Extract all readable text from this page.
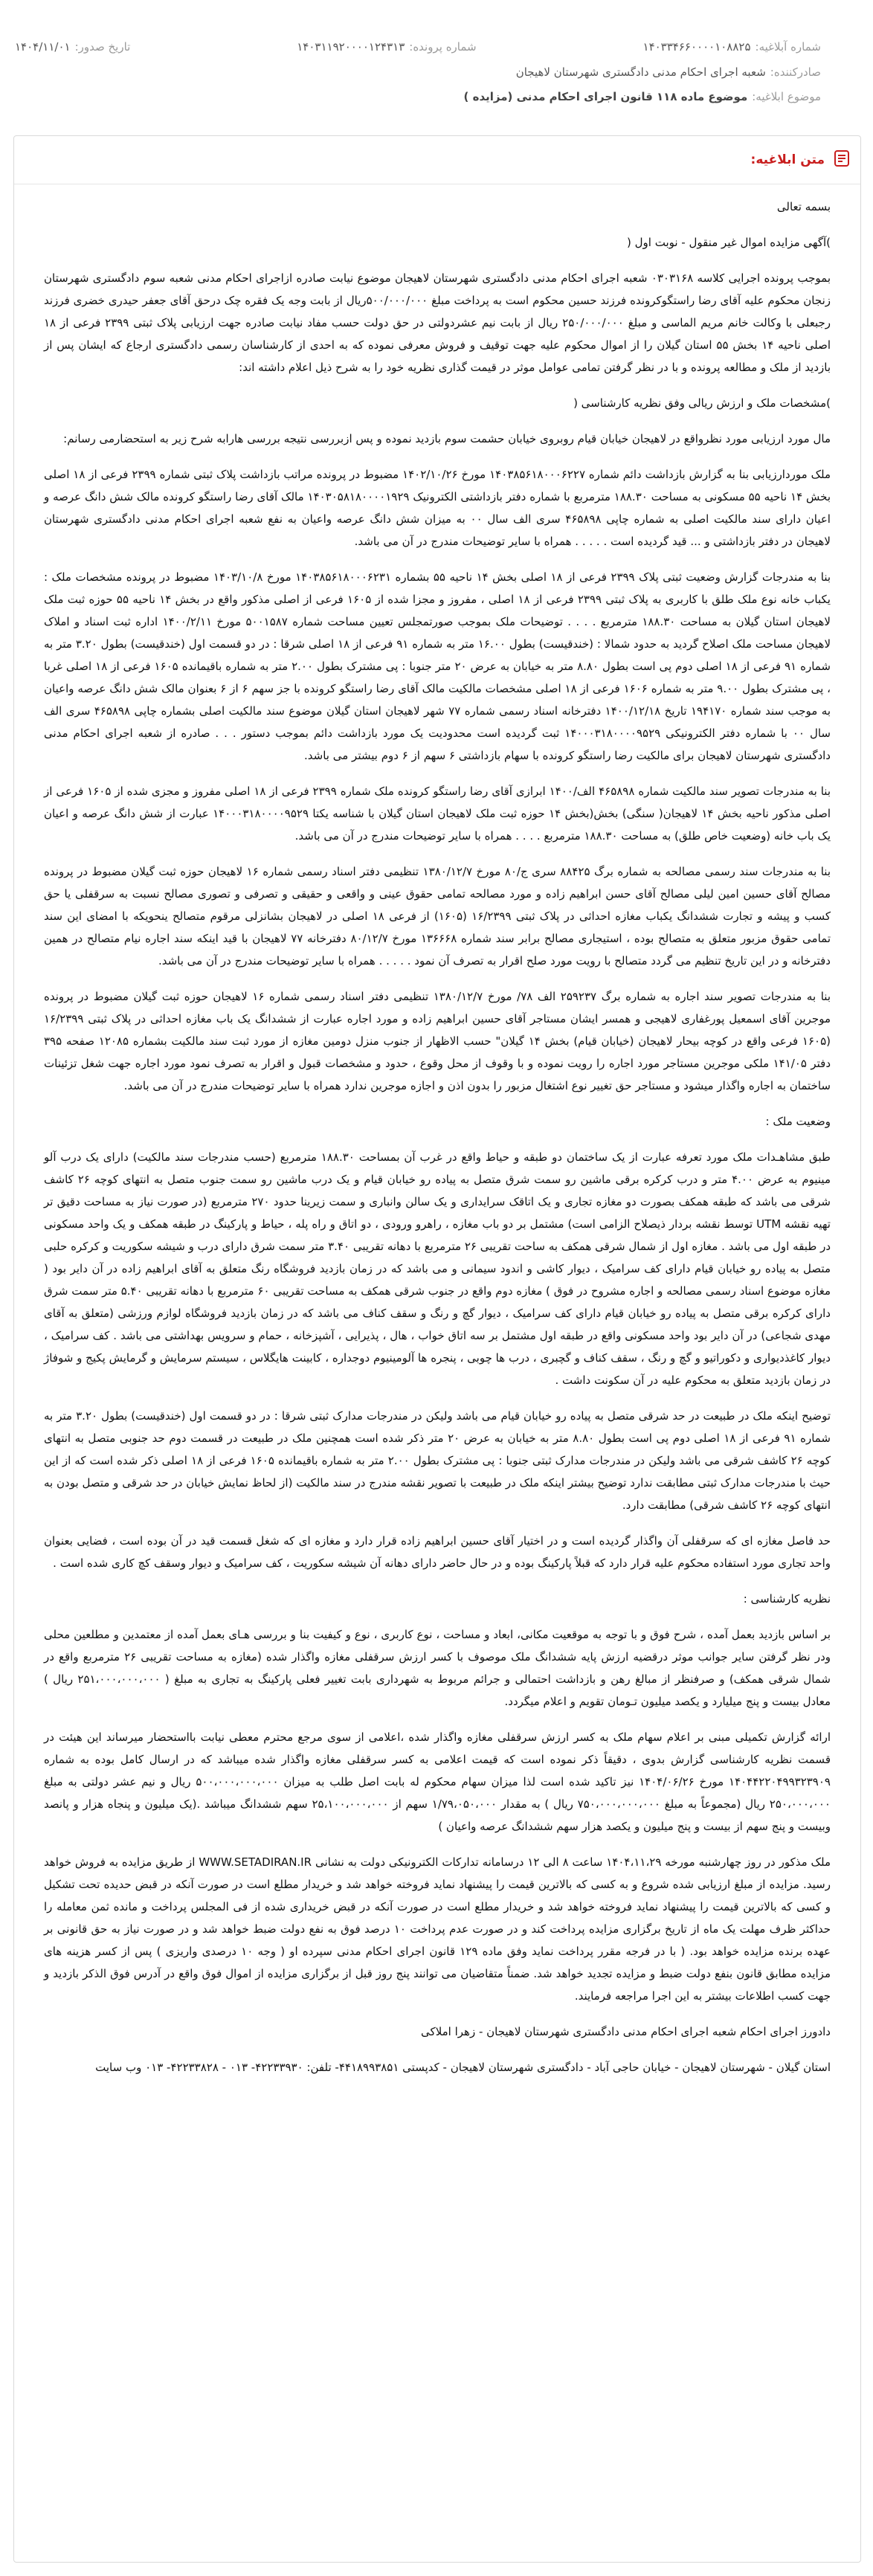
شماره آبلاغیه:
۱۴۰۳۳۴۶۶۰۰۰۰۱۰۸۸۲۵
شماره پرونده:
۱۴۰۳۱۱۹۲۰۰۰۰۱۲۴۳۱۳
تاریخ صدور:
۱۴۰۴/۱۱/۰۱
صادرکننده:
شعبه اجرای احکام مدنی دادگستری شهرستان لاهیجان
موضوع ابلاغیه:
موضوع ماده ۱۱۸ قانون اجرای احکام مدنی (مزایده )
متن ابلاغیه:

بسمه تعالی

)آگهی مزایده اموال غیر منقول - نوبت اول (

بموجب پرونده اجرایی کلاسه ۰۳۰۳۱۶۸ شعبه اجرای احکام مدنی دادگستری شهرستان لاهیجان موضوع نیابت صادره ازاجرای احکام مدنی شعبه سوم دادگستری شهرستان زنجان محکوم علیه آقای رضا راستگوکرونده فرزند حسین محکوم است به پرداخت مبلغ ۵۰۰/۰۰۰/۰۰۰ریال از بابت وجه یک فقره چک درحق آقای جعفر حیدری خضری فرزند رجبعلی با وکالت خانم مریم الماسی و مبلغ ۲۵۰/۰۰۰/۰۰۰ ریال از بابت نیم عشردولتی در حق دولت حسب مفاد نیابت صادره جهت ارزیابی پلاک ثبتی ۲۳۹۹ فرعی از ۱۸ اصلی ناحیه ۱۴ بخش ۵۵ استان گیلان را از اموال محکوم علیه جهت توقیف و فروش معرفی نموده که به احدی از کارشناسان رسمی دادگستری ارجاع که ایشان پس از بازدید از ملک و مطالعه پرونده و با در نظر گرفتن تمامی عوامل موثر در قیمت گذاری نظریه خود را به شرح ذیل اعلام داشته اند:

)مشخصات ملک و ارزش ریالی وفق نظریه کارشناسی (

مال مورد ارزیابی مورد نظرواقع در لاهیجان خیابان قیام روبروی خیابان حشمت سوم بازدید نموده و پس ازبررسی نتیجه بررسی هارابه شرح زیر به استحضارمی رسانم:

ملک موردارزیابی بنا به گزارش بازداشت دائم شماره ۱۴۰۳۸۵۶۱۸۰۰۰۶۲۲۷ مورخ ۱۴۰۲/۱۰/۲۶ مضبوط در پرونده مراتب بازداشت پلاک ثبتی شماره ۲۳۹۹ فرعی از ۱۸ اصلی بخش ۱۴ ناحیه ۵۵ مسکونی به مساحت ۱۸۸.۳۰ مترمربع با شماره دفتر بازداشتی الکترونیک ۱۴۰۳۰۵۸۱۸۰۰۰۰۱۹۲۹ مالک آقای رضا راستگو کرونده مالک شش دانگ عرصه و اعیان دارای سند مالکیت اصلی به شماره چاپی ۴۶۵۸۹۸ سری الف سال ۰۰ به میزان شش دانگ عرصه واعیان به نفع شعبه اجرای احکام مدنی دادگستری شهرستان لاهیجان در دفتر بازداشتی و ... قید گردیده است . . . . . همراه با سایر توضیحات مندرج در آن می باشد.

بنا به مندرجات گزارش وضعیت ثبتی پلاک ۲۳۹۹ فرعی از ۱۸ اصلی بخش ۱۴ ناحیه ۵۵ بشماره ۱۴۰۳۸۵۶۱۸۰۰۰۶۲۳۱ مورخ ۱۴۰۳/۱۰/۸ مضبوط در پرونده مشخصات ملک : یکباب خانه نوع ملک طلق با کاربری به پلاک ثبتی ۲۳۹۹ فرعی از ۱۸ اصلی ، مفروز و مجزا شده از ۱۶۰۵ فرعی از اصلی مذکور واقع در بخش ۱۴ ناحیه ۵۵ حوزه ثبت ملک لاهیجان استان گیلان به مساحت ۱۸۸.۳۰ مترمربع . . . . توضیحات ملک بموجب صورتمجلس تعیین مساحت شماره ۵۰۰۱۵۸۷ مورخ ۱۴۰۰/۲/۱۱ اداره ثبت اسناد و املاک لاهیجان مساحت ملک اصلاح گردید به حدود شمالا : (خندقیست) بطول ۱۶.۰۰ متر به شماره ۹۱ فرعی از ۱۸ اصلی شرقا : در دو قسمت اول (خندقیست) بطول ۳.۲۰ متر به شماره ۹۱ فرعی از ۱۸ اصلی دوم پی است بطول ۸.۸۰ متر به خیابان به عرض ۲۰ متر جنوبا : پی مشترک بطول ۲.۰۰ متر به شماره باقیمانده ۱۶۰۵ فرعی از ۱۸ اصلی غربا ، پی مشترک بطول ۹.۰۰ متر به شماره ۱۶۰۶ فرعی از ۱۸ اصلی مشخصات مالکیت مالک آقای رضا راستگو کرونده با جز سهم ۶ از ۶ بعنوان مالک شش دانگ عرصه واعیان به موجب سند شماره ۱۹۴۱۷۰ تاریخ ۱۴۰۰/۱۲/۱۸ دفترخانه اسناد رسمی شماره ۷۷ شهر لاهیجان استان گیلان موضوع سند مالکیت اصلی بشماره چاپی ۴۶۵۸۹۸ سری الف سال ۰۰ با شماره دفتر الکترونیکی ۱۴۰۰۰۳۱۸۰۰۰۰۹۵۲۹ ثبت گردیده است محدودیت یک مورد بازداشت دائم بموجب دستور . . . صادره از شعبه اجرای احکام مدنی دادگستری شهرستان لاهیجان برای مالکیت رضا راستگو کرونده با سهام بازداشتی ۶ سهم از ۶ دوم بیشتر می باشد.

بنا به مندرجات تصویر سند مالکیت شماره ۴۶۵۸۹۸ الف/۱۴۰۰ ابرازی آقای رضا راستگو کرونده ملک شماره ۲۳۹۹ فرعی از ۱۸ اصلی مفروز و مجزی شده از ۱۶۰۵ فرعی از اصلی مذکور ناحیه بخش ۱۴ لاهیجان( سنگی) بخش(بخش ۱۴ حوزه ثبت ملک لاهیجان استان گیلان با شناسه یکتا ۱۴۰۰۰۳۱۸۰۰۰۰۹۵۲۹ عبارت از شش دانگ عرصه و اعیان یک باب خانه (وضعیت خاص طلق) به مساحت ۱۸۸.۳۰ مترمربع . . . . همراه با سایر توضیحات مندرج در آن می باشد.

بنا به مندرجات سند رسمی مصالحه به شماره برگ ۸۸۴۲۵ سری ج/۸۰ مورخ ۱۳۸۰/۱۲/۷ تنظیمی دفتر اسناد رسمی شماره ۱۶ لاهیجان حوزه ثبت گیلان مضبوط در پرونده مصالح آقای حسین امین لیلی مصالح آقای حسن ابراهیم زاده و مورد مصالحه تمامی حقوق عینی و واقعی و حقیقی و تصرفی و تصوری مصالح نسبت به سرقفلی یا حق کسب و پیشه و تجارت ششدانگ یکباب مغازه احداثی در پلاک ثبتی ۱۶/۲۳۹۹ (۱۶۰۵) از فرعی ۱۸ اصلی در لاهیجان بشانزلی مرقوم متصالح ینحویکه با امضای این سند تمامی حقوق مزبور متعلق به متصالح بوده ، استیجاری مصالح برابر سند شماره ۱۳۶۶۶۸ مورخ ۸۰/۱۲/۷ دفترخانه ۷۷ لاهیجان با قید اینکه سند اجاره نیام متصالح در همین دفترخانه و در این تاریخ تنظیم می گردد متصالح با رویت مورد صلح اقرار به تصرف آن نمود . . . . . همراه با سایر توضیحات مندرج در آن می باشد.

بنا به مندرجات تصویر سند اجاره به شماره برگ ۲۵۹۲۳۷ الف ۷۸/ مورخ ۱۳۸۰/۱۲/۷ تنظیمی دفتر اسناد رسمی شماره ۱۶ لاهیجان حوزه ثبت گیلان مضبوط در پرونده موجرین آقای اسمعیل پورغفاری لاهیجی و همسر ایشان مستاجر آقای حسین ابراهیم زاده و مورد اجاره عبارت از ششدانگ یک باب مغازه احداثی در پلاک ثبتی ۱۶/۲۳۹۹ (۱۶۰۵ فرعی واقع در کوچه بیحار لاهیجان (خیابان قیام) بخش ۱۴ گیلان" حسب الاظهار از جنوب منزل دومین مغازه از مورد ثبت سند مالکیت بشماره ۱۲۰۸۵ صفحه ۳۹۵ دفتر ۱۴۱/۰۵ ملکی موجرین مستاجر مورد اجاره را رویت نموده و با وقوف از محل وقوع ، حدود و مشخصات قبول و اقرار به تصرف نمود مورد اجاره جهت شغل تزئینات ساختمان به اجاره واگذار میشود و مستاجر حق تغییر نوع اشتغال مزبور را بدون اذن و اجازه موجرین ندارد همراه با سایر توضیحات مندرج در آن می باشد.

وضعیت ملک :

طبق مشاهـدات ملک مورد تعرفه عبارت از یک ساختمان دو طبقه و حیاط واقع در غرب آن بمساحت ۱۸۸.۳۰ مترمربع (حسب مندرجات سند مالکیت) دارای یک درب آلو مینیوم به عرض ۴.۰۰ متر و درب کرکره برقی ماشین رو سمت شرق متصل به پیاده رو خیابان قیام و یک درب ماشین رو سمت جنوب متصل به انتهای کوچه ۲۶ کاشف شرقی می باشد که طبقه همکف بصورت دو مغازه تجاری و یک اتاقک سرایداری و یک سالن وانباری و سمت زیرینا حدود ۲۷۰ مترمربع (در صورت نیاز به مساحت دقیق تر تهیه نقشه UTM توسط نقشه بردار ذیصلاح الزامی است) مشتمل بر دو باب مغازه ، راهرو ورودی ، دو اتاق و راه پله ، حیاط و پارکینگ در طبقه همکف و یک واحد مسکونی در طبقه اول می باشد . مغازه اول از شمال شرقی همکف به ساحت تقریبی ۲۶ مترمربع با دهانه تقریبی ۳.۴۰ متر سمت شرق دارای درب و شیشه سکوریت و کرکره حلبی متصل به پیاده رو خیابان قیام دارای کف سرامیک ، دیوار کاشی و اندود سیمانی و می باشد که در زمان بازدید فروشگاه رنگ متعلق به آقای ابراهیم زاده در آن دایر بود ( مغازه موضوع اسناد رسمی مصالحه و اجاره مشروح در فوق ) مغازه دوم واقع در جنوب شرقی همکف به مساحت تقریبی ۶۰ مترمربع با دهانه تقریبی ۵.۴۰ متر سمت شرق دارای کرکره برقی متصل به پیاده رو خیابان قیام دارای کف سرامیک ، دیوار گچ و رنگ و سقف کناف می باشد که در زمان بازدید فروشگاه لوازم ورزشی (متعلق به آقای مهدی شجاعی) در آن دایر بود واحد مسکونی واقع در طبقه اول مشتمل بر سه اتاق خواب ، هال ، پذیرایی ، آشپزخانه ، حمام و سرویس بهداشتی می باشد . کف سرامیک ، دیوار کاغذدیواری و دکوراتیو و گچ و رنگ ، سقف کناف و گچبری ، درب ها چوبی ، پنجره ها آلومینیوم دوجداره ، کابینت هایگلاس ، سیستم سرمایش و گرمایش پکیج و شوفاژ در زمان بازدید متعلق به محکوم علیه در آن سکونت داشت .

توضیح اینکه ملک در طبیعت در حد شرقی متصل به پیاده رو خیابان قیام می باشد ولیکن در مندرجات مدارک ثبتی شرقا : در دو قسمت اول (خندقیست) بطول ۳.۲۰ متر به شماره ۹۱ فرعی از ۱۸ اصلی دوم پی است بطول ۸.۸۰ متر به خیابان به عرض ۲۰ متر ذکر شده است همچنین ملک در طبیعت در قسمت دوم حد جنوبی متصل به انتهای کوچه ۲۶ کاشف شرقی می باشد ولیکن در مندرجات مدارک ثبتی جنوبا : پی مشترک بطول ۲.۰۰ متر به شماره باقیمانده ۱۶۰۵ فرعی از ۱۸ اصلی ذکر شده است که از این حیث با مندرجات مدارک ثبتی مطابقت ندارد توضیح بیشتر اینکه ملک در طبیعت با تصویر نقشه مندرج در سند مالکیت (از لحاظ نمایش خیابان در حد شرقی و متصل بودن به انتهای کوچه ۲۶ کاشف شرقی) مطابقت دارد.

حد فاصل مغازه ای که سرقفلی آن واگذار گردیده است و در اختیار آقای حسین ابراهیم زاده قرار دارد و مغازه ای که شغل قسمت قید در آن بوده است ، فضایی بعنوان واحد تجاری مورد استفاده محکوم علیه قرار دارد که قبلاً پارکینگ بوده و در حال حاضر دارای دهانه آن شیشه سکوریت ، کف سرامیک و دیوار وسقف کچ کاری شده است .

نظریه کارشناسی :

بر اساس بازدید بعمل آمده ، شرح فوق و با توجه به موقعیت مکانی، ابعاد و مساحت ، نوع کاربری ، نوع و کیفیت بنا و بررسی هـای بعمل آمده از معتمدین و مطلعین محلی ودر نظر گرفتن سایر جوانب موثر درقضیه ارزش پایه ششدانگ ملک موصوف با کسر ارزش سرقفلی مغازه واگذار شده (مغازه به مساحت تقریبی ۲۶ مترمربع واقع در شمال شرقی همکف) و صرفنظر از مبالغ رهن و بازداشت احتمالی و جرائم مربوط به شهرداری بابت تغییر فعلی پارکینگ به تجاری به مبلغ ( ۲۵۱،۰۰۰،۰۰۰،۰۰۰ ریال ) معادل بیست و پنج میلیارد و یکصد میلیون تـومان تقویم و اعلام میگردد.

ارائه گزارش تکمیلی مبنی بر اعلام سهام ملک به کسر ارزش سرقفلی مغازه واگذار شده ،اعلامی از سوی مرجع محترم معطی نیابت بااستحضار میرساند این هیئت در قسمت نظریه کارشناسی گزارش بدوی ، دقیقاً ذکر نموده است که قیمت اعلامی به کسر سرقفلی مغازه واگذار شده میباشد که در ارسال کامل بوده به شماره ۱۴۰۴۴۲۲۰۴۹۹۳۲۳۹۰۹ مورخ ۱۴۰۴/۰۶/۲۶ نیز تاکید شده است لذا میزان سهام محکوم له بابت اصل طلب به میزان ۵۰۰،۰۰۰،۰۰۰،۰۰۰ ریال و نیم عشر دولتی به مبلغ ۲۵۰،۰۰۰،۰۰۰ ریال (مجموعاً به مبلغ ۷۵۰،۰۰۰،۰۰۰،۰۰۰ ریال ) به مقدار ۱/۷۹،۰۵۰،۰۰۰ سهم از ۲۵،۱۰۰،۰۰۰،۰۰۰ سهم ششدانگ میباشد .(یک میلیون و پنجاه هزار و پانصد وبیست و پنج سهم از بیست و پنج میلیون و یکصد هزار سهم ششدانگ عرصه واعیان )

ملک مذکور در روز چهارشنبه مورخه ۱۴۰۴،۱۱،۲۹ ساعت ۸ الی ۱۲ درسامانه تدارکات الکترونیکی دولت به نشانی WWW.SETADIRAN.IR از طریق مزایده به فروش خواهد رسید. مزایده از مبلغ ارزیابی شده شروع و به کسی که بالاترین قیمت را پیشنهاد نماید فروخته خواهد شد و خریدار مطلع است در صورت آنکه در قبض حدیده تحت تشکیل و کسی که بالاترین قیمت را پیشنهاد نماید فروخته خواهد شد و خریدار مطلع است در صورت آنکه در قبض خریداری شده از فی المجلس پرداخت و مانده ثمن معامله را حداکثر ظرف مهلت یک ماه از تاریخ برگزاری مزایده پرداخت کند و در صورت عدم پرداخت ۱۰ درصد فوق به نفع دولت ضبط خواهد شد و در صورت نیاز به حق قانونی بر عهده برنده مزایده خواهد بود. ( با در فرجه مقرر پرداخت نماید وفق ماده ۱۲۹ قانون اجرای احکام مدنی سپرده او ( وجه ۱۰ درصدی واریزی ) پس از کسر هزینه های مزایده مطابق قانون بنفع دولت ضبط و مزایده تجدید خواهد شد. ضمناً متقاضیان می توانند پنج روز قبل از برگزاری مزایده از اموال فوق واقع در آدرس فوق الذکر بازدید و جهت کسب اطلاعات بیشتر به این اجرا مراجعه فرمایند.

دادورز اجرای احکام شعبه اجرای احکام مدنی دادگستری شهرستان لاهیجان - زهرا املاکی

استان گیلان - شهرستان لاهیجان - خیابان حاجی آباد - دادگستری شهرستان لاهیجان - کدپستی ۴۴۱۸۹۹۳۸۵۱- تلفن: ۴۲۲۳۳۹۳۰- ۰۱۳ - ۴۲۲۳۳۸۲۸- ۰۱۳ وب سایت
